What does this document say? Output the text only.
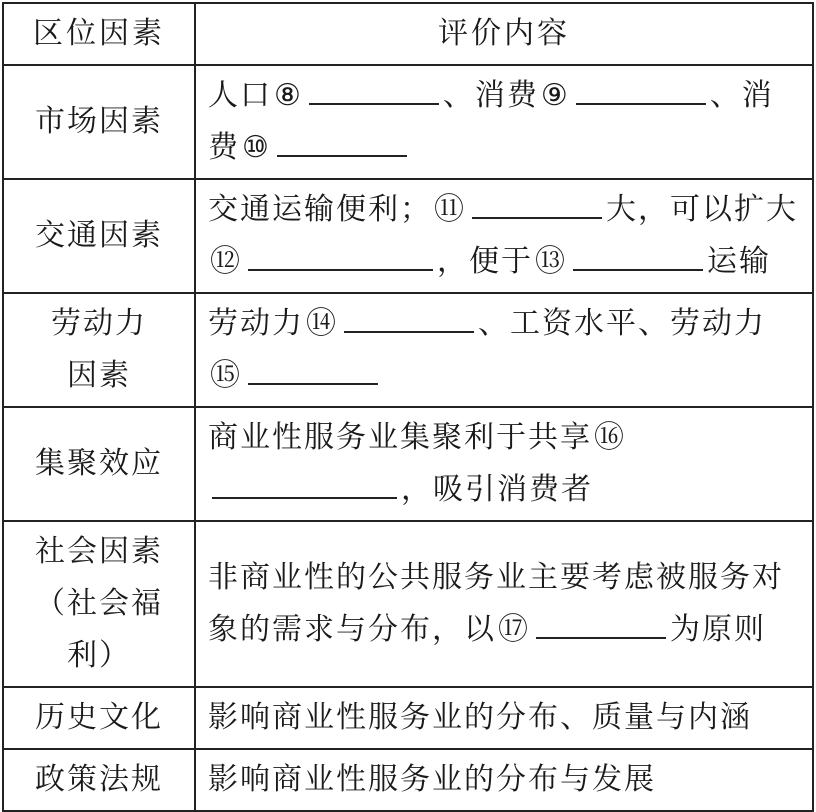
区位因素	评价内容
市场因素	人口⑧ 、消费⑨ 、消费⑩
交通因素	交通运输便利；⑪ 大，可以扩大⑫ ，便于⑬ 运输

劳动力
因素	劳动力⑭ 、工资水平、劳动力⑮
集聚效应	商业性服务业集聚利于共享⑯，吸引消费者

社会因素
（社会福利）	非商业性的公共服务业主要考虑被服务对象的需求与分布，以⑰ 为原则
历史文化	影响商业性服务业的分布、质量与内涵
政策法规	影响商业性服务业的分布与发展
